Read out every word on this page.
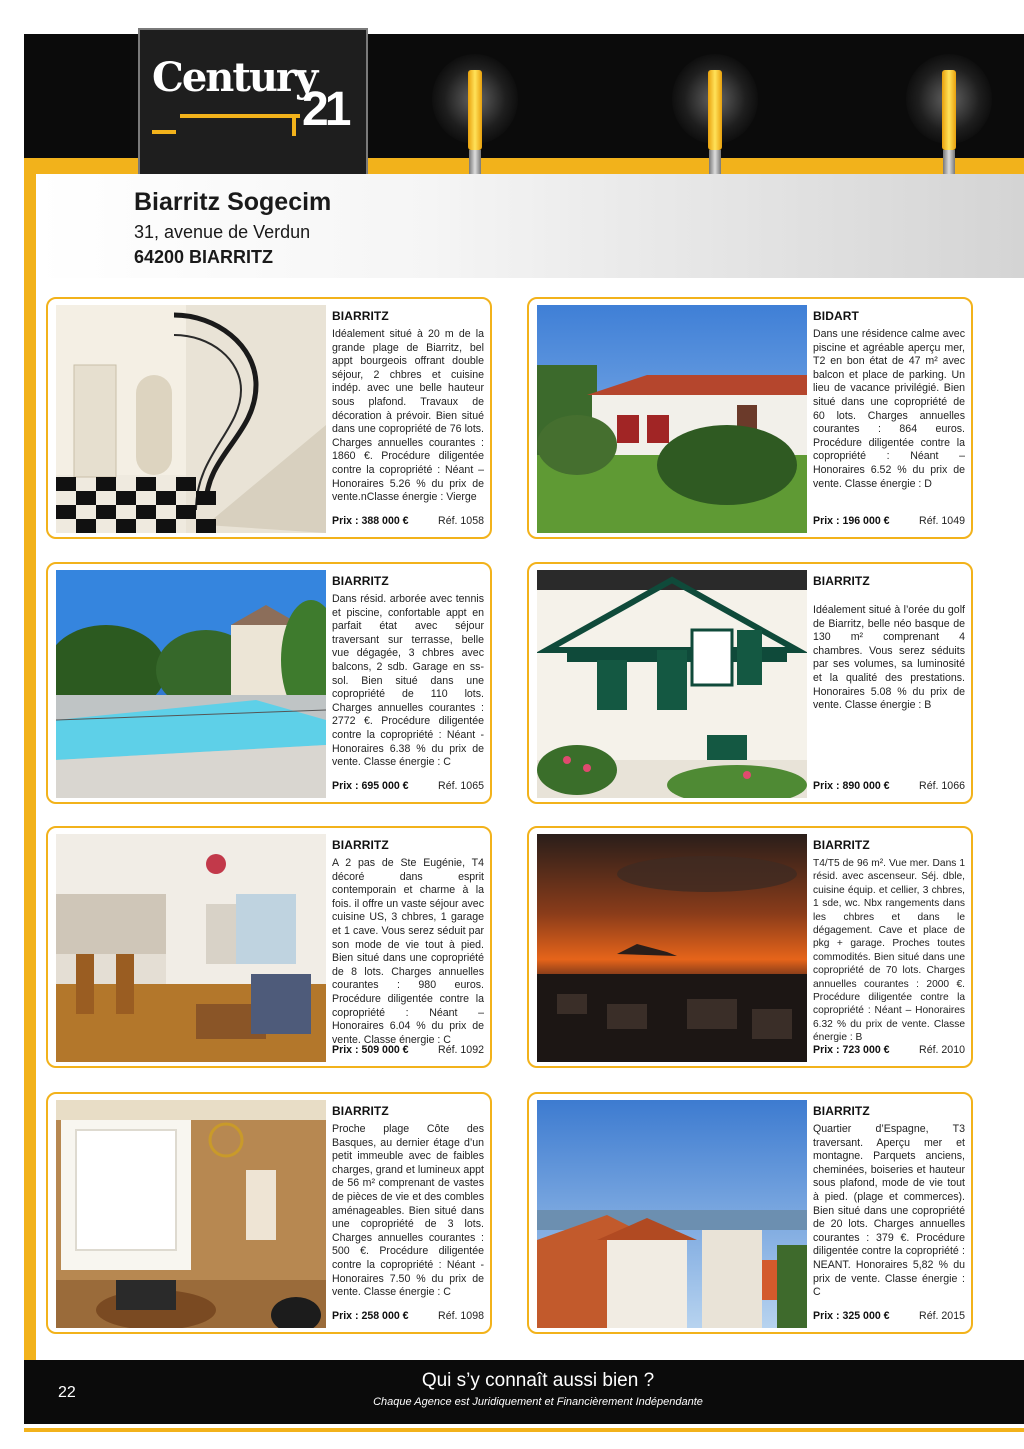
Century
21
Biarritz Sogecim
31, avenue de Verdun
64200 BIARRITZ
BIARRITZ
Idéalement situé à 20 m de la grande plage de Biarritz, bel appt bourgeois offrant double séjour, 2 chbres et cuisine indép. avec une belle hauteur sous plafond. Travaux de décoration à prévoir. Bien situé dans une copropriété de 76 lots. Charges annuelles courantes : 1860 €. Procédure diligentée contre la copropriété : Néant – Honoraires 5.26 % du prix de vente.nClasse énergie : Vierge
Prix : 388 000 €	Réf. 1058
BIDART
Dans une résidence calme avec piscine et agréable aperçu mer, T2 en bon état de 47 m² avec balcon et place de parking. Un lieu de vacance privilégié. Bien situé dans une copropriété de 60 lots. Charges annuelles courantes : 864 euros. Procédure diligentée contre la copropriété : Néant – Honoraires 6.52 % du prix de vente. Classe énergie : D
Prix : 196 000 €	Réf. 1049
BIARRITZ
Dans résid. arborée avec tennis et piscine, confortable appt en parfait état avec séjour traversant sur terrasse, belle vue dégagée, 3 chbres avec balcons, 2 sdb. Garage en ss-sol. Bien situé dans une copropriété de 110 lots. Charges annuelles courantes : 2772 €. Procédure diligentée contre la copropriété : Néant - Honoraires 6.38 % du prix de vente. Classe énergie : C
Prix : 695 000 €	Réf. 1065
BIARRITZ
Idéalement situé à l’orée du golf de Biarritz, belle néo basque de 130 m² comprenant 4 chambres. Vous serez séduits par ses volumes, sa luminosité et la qualité des prestations. Honoraires 5.08 % du prix de vente. Classe énergie : B
Prix : 890 000 €	Réf. 1066
BIARRITZ
A 2 pas de Ste Eugénie, T4 décoré dans esprit contemporain et charme à la fois. il offre un vaste séjour avec cuisine US, 3 chbres, 1 garage et 1 cave. Vous serez séduit par son mode de vie tout à pied. Bien situé dans une copropriété de 8 lots. Charges annuelles courantes : 980 euros. Procédure diligentée contre la copropriété : Néant – Honoraires 6.04 % du prix de vente. Classe énergie : C
Prix : 509 000 €	Réf. 1092
BIARRITZ
T4/T5 de 96 m². Vue mer. Dans 1 résid. avec ascenseur. Séj. dble, cuisine équip. et cellier, 3 chbres, 1 sde, wc. Nbx rangements dans les chbres et dans le dégagement. Cave et place de pkg + garage. Proches toutes commodités. Bien situé dans une copropriété de 70 lots. Charges annuelles courantes : 2000 €. Procédure diligentée contre la copropriété : Néant – Honoraires 6.32 % du prix de vente. Classe énergie : B
Prix : 723 000 €	Réf. 2010
BIARRITZ
Proche plage Côte des Basques, au dernier étage d’un petit immeuble avec de faibles charges, grand et lumineux appt de 56 m² comprenant de vastes de pièces de vie et des combles aménageables. Bien situé dans une copropriété de 3 lots. Charges annuelles courantes : 500 €. Procédure diligentée contre la copropriété : Néant - Honoraires 7.50 % du prix de vente. Classe énergie : C
Prix : 258 000 €	Réf. 1098
BIARRITZ
Quartier d’Espagne, T3 traversant. Aperçu mer et montagne. Parquets anciens, cheminées, boiseries et hauteur sous plafond, mode de vie tout à pied. (plage et commerces). Bien situé dans une copropriété de 20 lots. Charges annuelles courantes : 379 €. Procédure diligentée contre la copropriété : NEANT. Honoraires 5,82 % du prix de vente. Classe énergie : C
Prix : 325 000 €	Réf. 2015
22
Qui s’y connaît aussi bien ?
Chaque Agence est Juridiquement et Financièrement Indépendante
